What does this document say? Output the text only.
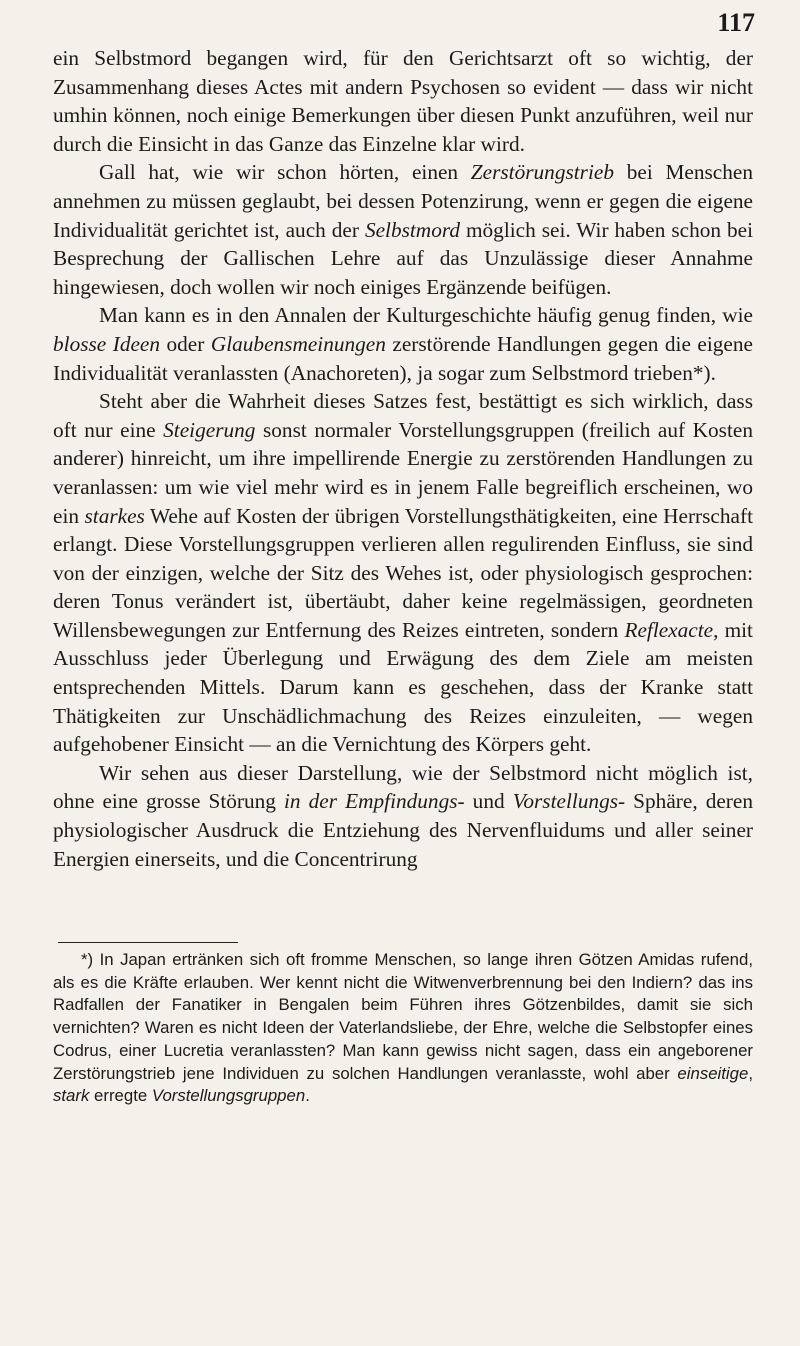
117

ein Selbstmord begangen wird, für den Gerichtsarzt oft so wichtig, der Zusammenhang dieses Actes mit andern Psychosen so evident — dass wir nicht umhin können, noch einige Bemerkungen über diesen Punkt anzuführen, weil nur durch die Einsicht in das Ganze das Einzelne klar wird.

Gall hat, wie wir schon hörten, einen Zerstörungstrieb bei Menschen annehmen zu müssen geglaubt, bei dessen Potenzirung, wenn er gegen die eigene Individualität gerichtet ist, auch der Selbstmord möglich sei. Wir haben schon bei Besprechung der Gallischen Lehre auf das Unzulässige dieser Annahme hingewiesen, doch wollen wir noch einiges Ergänzende beifügen.

Man kann es in den Annalen der Kulturgeschichte häufig genug finden, wie blosse Ideen oder Glaubensmeinungen zerstörende Handlungen gegen die eigene Individualität veranlassten (Anachoreten), ja sogar zum Selbstmord trieben*).

Steht aber die Wahrheit dieses Satzes fest, bestättigt es sich wirklich, dass oft nur eine Steigerung sonst normaler Vorstellungsgruppen (freilich auf Kosten anderer) hinreicht, um ihre impellirende Energie zu zerstörenden Handlungen zu veranlassen: um wie viel mehr wird es in jenem Falle begreiflich erscheinen, wo ein starkes Wehe auf Kosten der übrigen Vorstellungsthätigkeiten, eine Herrschaft erlangt. Diese Vorstellungsgruppen verlieren allen regulirenden Einfluss, sie sind von der einzigen, welche der Sitz des Wehes ist, oder physiologisch gesprochen: deren Tonus verändert ist, übertäubt, daher keine regelmässigen, geordneten Willensbewegungen zur Entfernung des Reizes eintreten, sondern Reflexacte, mit Ausschluss jeder Überlegung und Erwägung des dem Ziele am meisten entsprechenden Mittels. Darum kann es geschehen, dass der Kranke statt Thätigkeiten zur Unschädlichmachung des Reizes einzuleiten, — wegen aufgehobener Einsicht — an die Vernichtung des Körpers geht.

Wir sehen aus dieser Darstellung, wie der Selbstmord nicht möglich ist, ohne eine grosse Störung in der Empfindungs- und Vorstellungs- Sphäre, deren physiologischer Ausdruck die Entziehung des Nervenfluidums und aller seiner Energien einerseits, und die Concentrirung

*) In Japan ertränken sich oft fromme Menschen, so lange ihren Götzen Amidas rufend, als es die Kräfte erlauben. Wer kennt nicht die Witwenverbrennung bei den Indiern? das ins Radfallen der Fanatiker in Bengalen beim Führen ihres Götzenbildes, damit sie sich vernichten? Waren es nicht Ideen der Vaterlandsliebe, der Ehre, welche die Selbstopfer eines Codrus, einer Lucretia veranlassten? Man kann gewiss nicht sagen, dass ein angeborener Zerstörungstrieb jene Individuen zu solchen Handlungen veranlasste, wohl aber einseitige, stark erregte Vorstellungsgruppen.
